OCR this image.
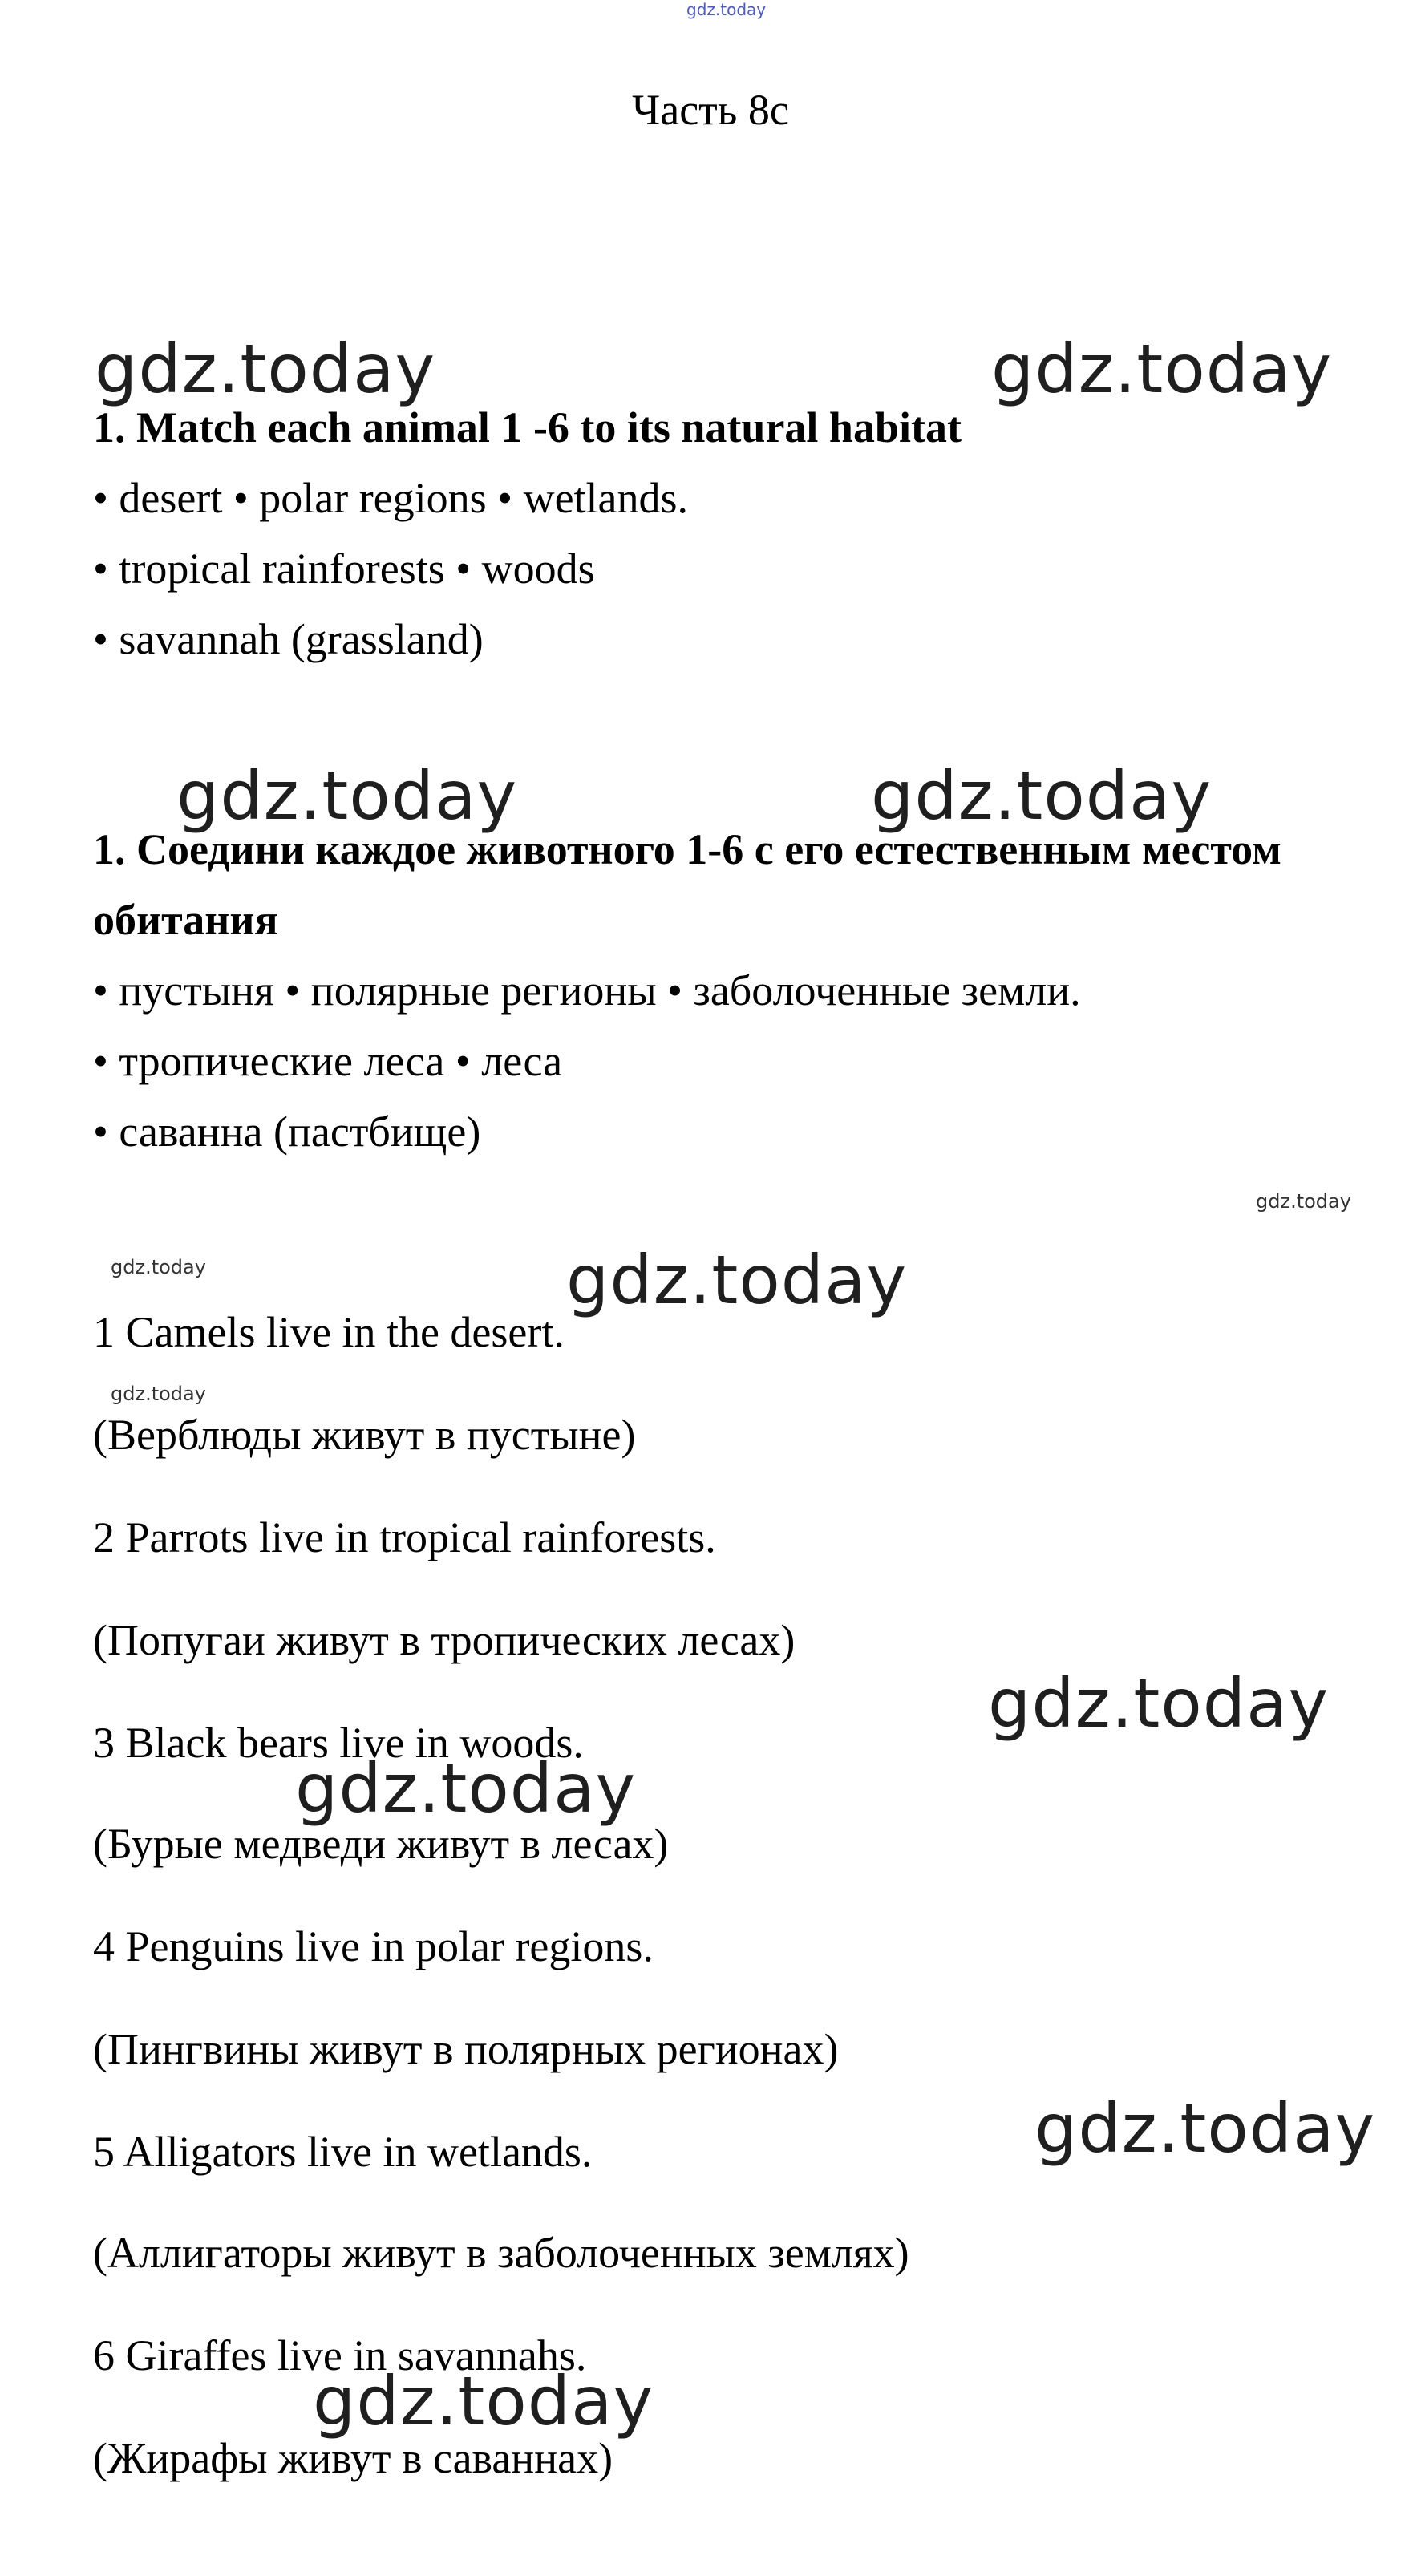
gdz.today
Часть 8с
gdz.today	gdz.today
gdz.today	gdz.today
gdz.today
gdz.today
gdz.today
gdz.today
gdz.today
gdz.today
gdz.today
gdz.today
1. Match each animal 1 -6 to its natural habitat
• desert • polar regions • wetlands.
• tropical rainforests • woods
• savannah (grassland)
1. Соедини каждое животного 1-6 с его естественным местом
обитания
• пустыня • полярные регионы • заболоченные земли.
• тропические леса • леса
• саванна (пастбище)
1 Camels live in the desert.
(Верблюды живут в пустыне)
2 Parrots live in tropical rainforests.
(Попугаи живут в тропических лесах)
3 Black bears live in woods.
(Бурые медведи живут в лесах)
4 Penguins live in polar regions.
(Пингвины живут в полярных регионах)
5 Alligators live in wetlands.
(Аллигаторы живут в заболоченных землях)
6 Giraffes live in savannahs.
(Жирафы живут в саваннах)
